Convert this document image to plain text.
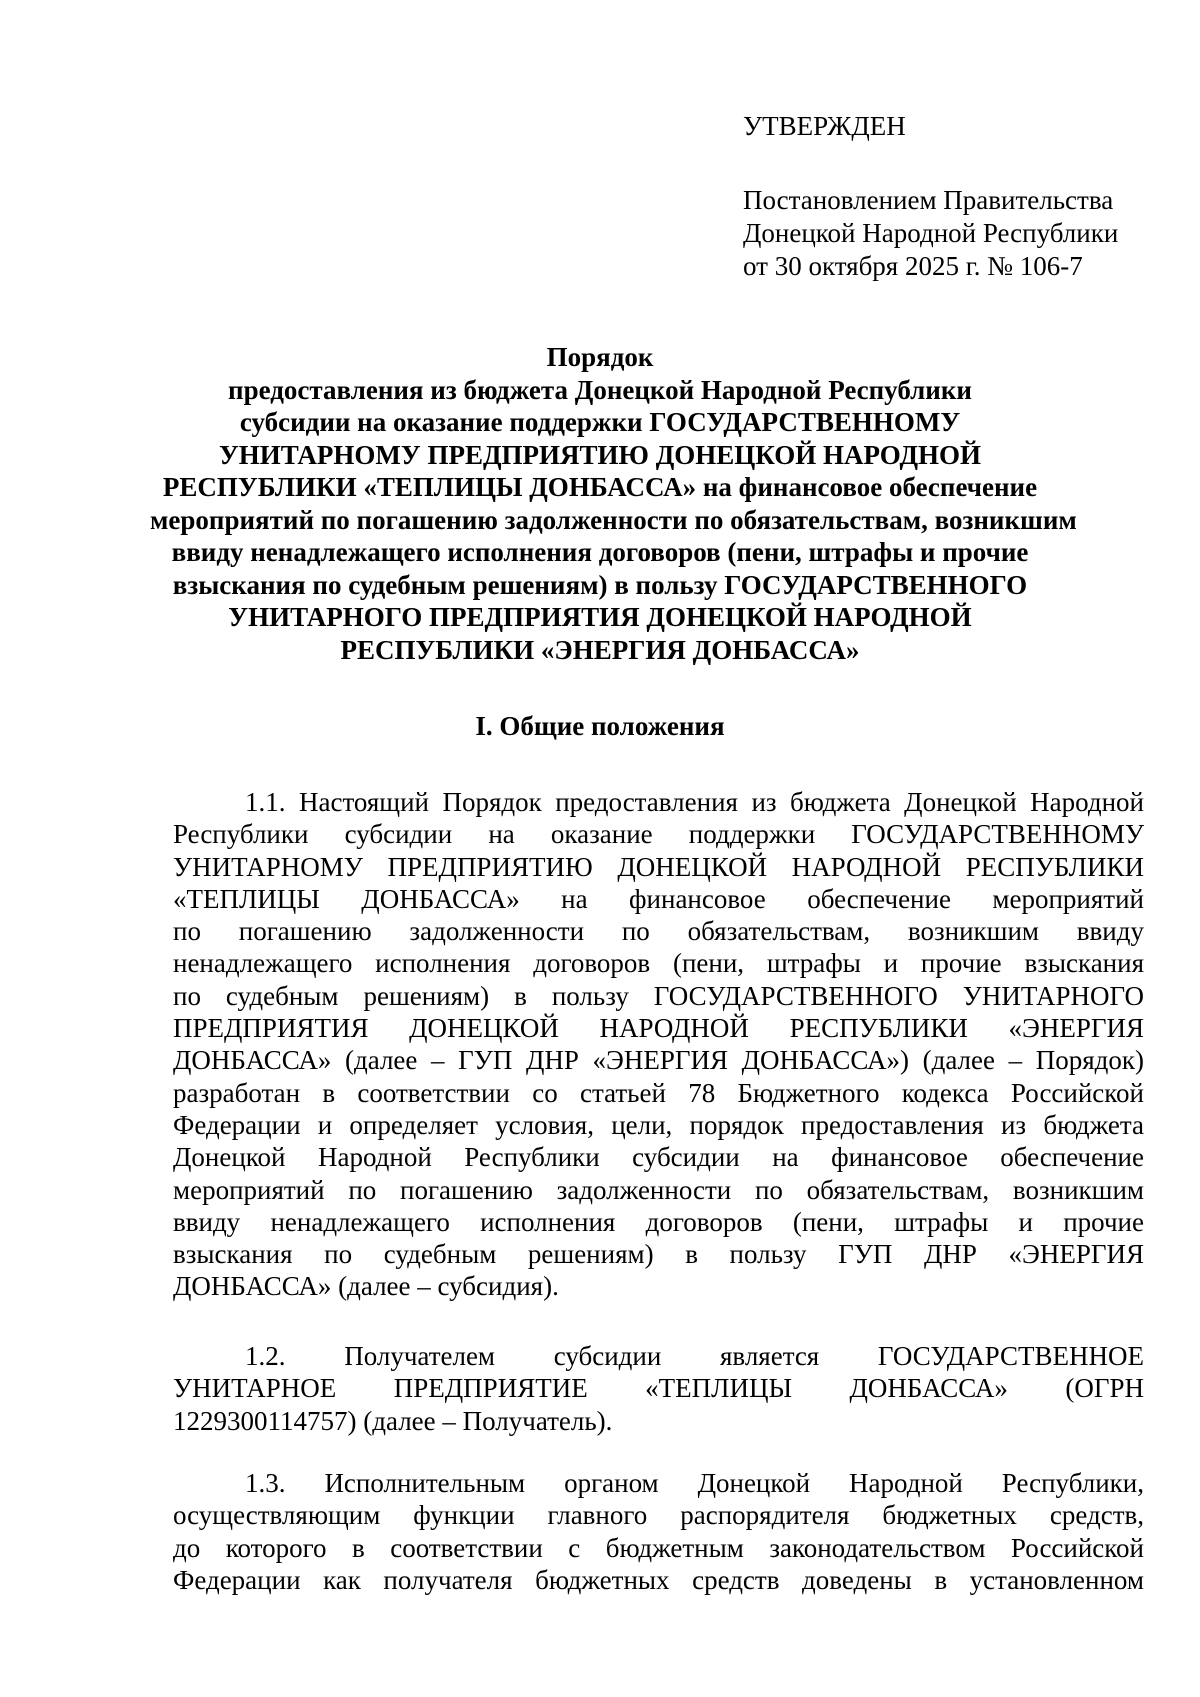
УТВЕРЖДЕН
Постановлением Правительства
Донецкой Народной Республики
от 30 октября 2025 г. № 106-7
Порядок
предоставления из бюджета Донецкой Народной Республики
субсидии на оказание поддержки ГОСУДАРСТВЕННОМУ
УНИТАРНОМУ ПРЕДПРИЯТИЮ ДОНЕЦКОЙ НАРОДНОЙ
РЕСПУБЛИКИ «ТЕПЛИЦЫ ДОНБАССА» на финансовое обеспечение
мероприятий по погашению задолженности по обязательствам, возникшим
ввиду ненадлежащего исполнения договоров (пени, штрафы и прочие
взыскания по судебным решениям) в пользу ГОСУДАРСТВЕННОГО
УНИТАРНОГО ПРЕДПРИЯТИЯ ДОНЕЦКОЙ НАРОДНОЙ
РЕСПУБЛИКИ «ЭНЕРГИЯ ДОНБАССА»
I. Общие положения
1.1. Настоящий Порядок предоставления из бюджета Донецкой Народной
Республики субсидии на оказание поддержки ГОСУДАРСТВЕННОМУ
УНИТАРНОМУ ПРЕДПРИЯТИЮ ДОНЕЦКОЙ НАРОДНОЙ РЕСПУБЛИКИ
«ТЕПЛИЦЫ ДОНБАССА» на финансовое обеспечение мероприятий
по погашению задолженности по обязательствам, возникшим ввиду
ненадлежащего исполнения договоров (пени, штрафы и прочие взыскания
по судебным решениям) в пользу ГОСУДАРСТВЕННОГО УНИТАРНОГО
ПРЕДПРИЯТИЯ ДОНЕЦКОЙ НАРОДНОЙ РЕСПУБЛИКИ «ЭНЕРГИЯ
ДОНБАССА» (далее – ГУП ДНР «ЭНЕРГИЯ ДОНБАССА») (далее – Порядок)
разработан в соответствии со статьей 78 Бюджетного кодекса Российской
Федерации и определяет условия, цели, порядок предоставления из бюджета
Донецкой Народной Республики субсидии на финансовое обеспечение
мероприятий по погашению задолженности по обязательствам, возникшим
ввиду ненадлежащего исполнения договоров (пени, штрафы и прочие
взыскания по судебным решениям) в пользу ГУП ДНР «ЭНЕРГИЯ
ДОНБАССА» (далее – субсидия).
1.2. Получателем субсидии является ГОСУДАРСТВЕННОЕ
УНИТАРНОЕ ПРЕДПРИЯТИЕ «ТЕПЛИЦЫ ДОНБАССА» (ОГРН
1229300114757) (далее – Получатель).
1.3. Исполнительным органом Донецкой Народной Республики,
осуществляющим функции главного распорядителя бюджетных средств,
до которого в соответствии с бюджетным законодательством Российской
Федерации как получателя бюджетных средств доведены в установленном
